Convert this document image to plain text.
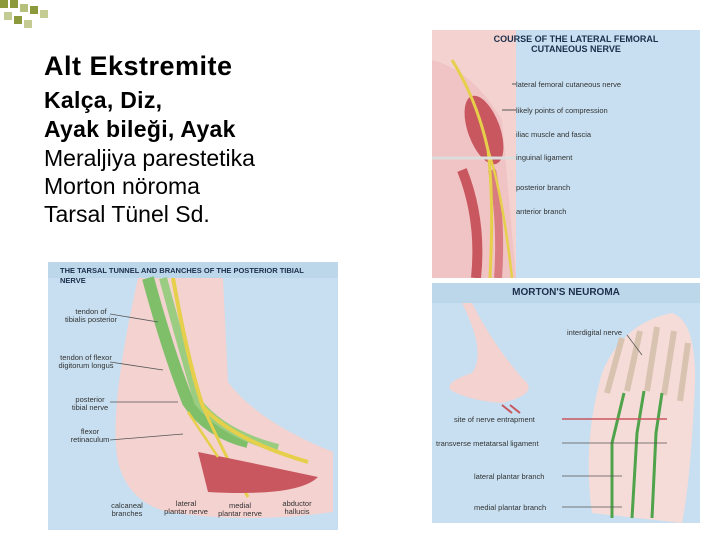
Alt Ekstremite

Kalça, Diz,

Ayak bileği, Ayak

Meraljiya parestetika

Morton nöroma

Tarsal Tünel Sd.

COURSE OF THE LATERAL FEMORAL
CUTANEOUS NERVE
lateral femoral cutaneous nerve
likely points of compression
iliac muscle and fascia
inguinal ligament
posterior branch
anterior branch
MORTON'S NEUROMA
interdigital nerve
site of nerve entrapment
transverse metatarsal ligament
lateral plantar branch
medial plantar branch
THE TARSAL TUNNEL AND BRANCHES OF THE POSTERIOR TIBIAL NERVE
tendon of
tibialis posterior
tendon of flexor
digitorum longus
posterior
tibial nerve
flexor
retinaculum
calcaneal
branches
lateral
plantar nerve
medial
plantar nerve
abductor
hallucis
